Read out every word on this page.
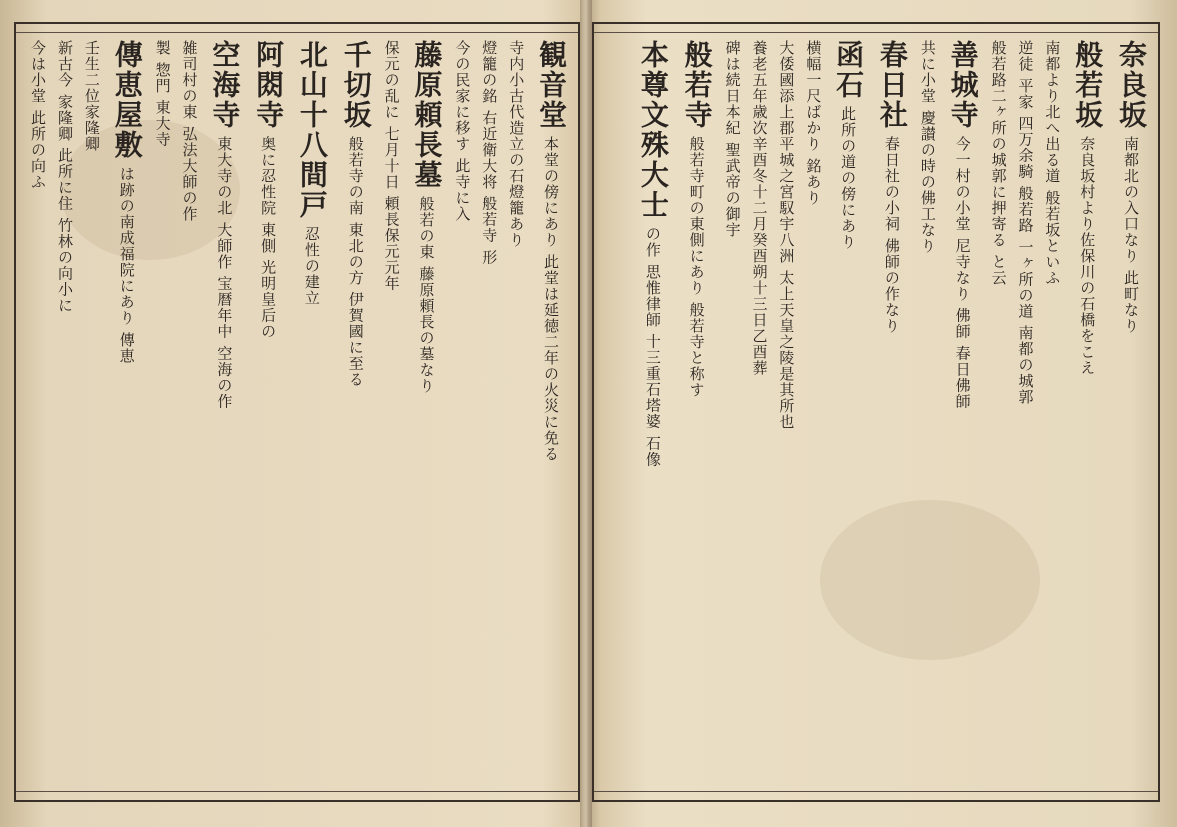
観音堂本堂の傍にあり 此堂は延徳二年の火災に免る
寺内小古代造立の石燈籠あり
燈籠の銘 右近衛大将 般若寺 形
今の民家に移す 此寺に入
藤原頼長墓般若の東 藤原頼長の墓なり
保元の乱に 七月十日 頼長保元元年
千切坂般若寺の南 東北の方 伊賀國に至る
北山十八間戸忍性の建立
阿閦寺奥に忍性院 東側 光明皇后の
空海寺東大寺の北 大師作 宝暦年中 空海の作
雑司村の東 弘法大師の作
製 惣門 東大寺
傳恵屋敷は跡の南成福院にあり 傳恵
壬生二位家隆卿
新古今 家隆卿 此所に住 竹林の向小に
今は小堂 此所の向ふ	奈良坂南都北の入口なり 此町なり
般若坂奈良坂村より佐保川の石橋をこえ
南都より北へ出る道 般若坂といふ
逆徒 平家 四万余騎 般若路 一ヶ所の道 南都の城郭
般若路二ヶ所の城郭に押寄る と云
善城寺今一村の小堂 尼寺なり 佛師 春日佛師
共に小堂 慶讃の時の佛工なり
春日社春日社の小祠 佛師の作なり
函石此所の道の傍にあり
横幅一尺ばかり 銘あり
大倭國添上郡平城之宮馭宇八洲 太上天皇之陵是其所也
養老五年歳次辛酉冬十二月癸酉朔十三日乙酉葬
碑は続日本紀 聖武帝の御宇
般若寺般若寺町の東側にあり 般若寺と称す
本尊文殊大士の作 思惟律師 十三重石塔婆 石像
